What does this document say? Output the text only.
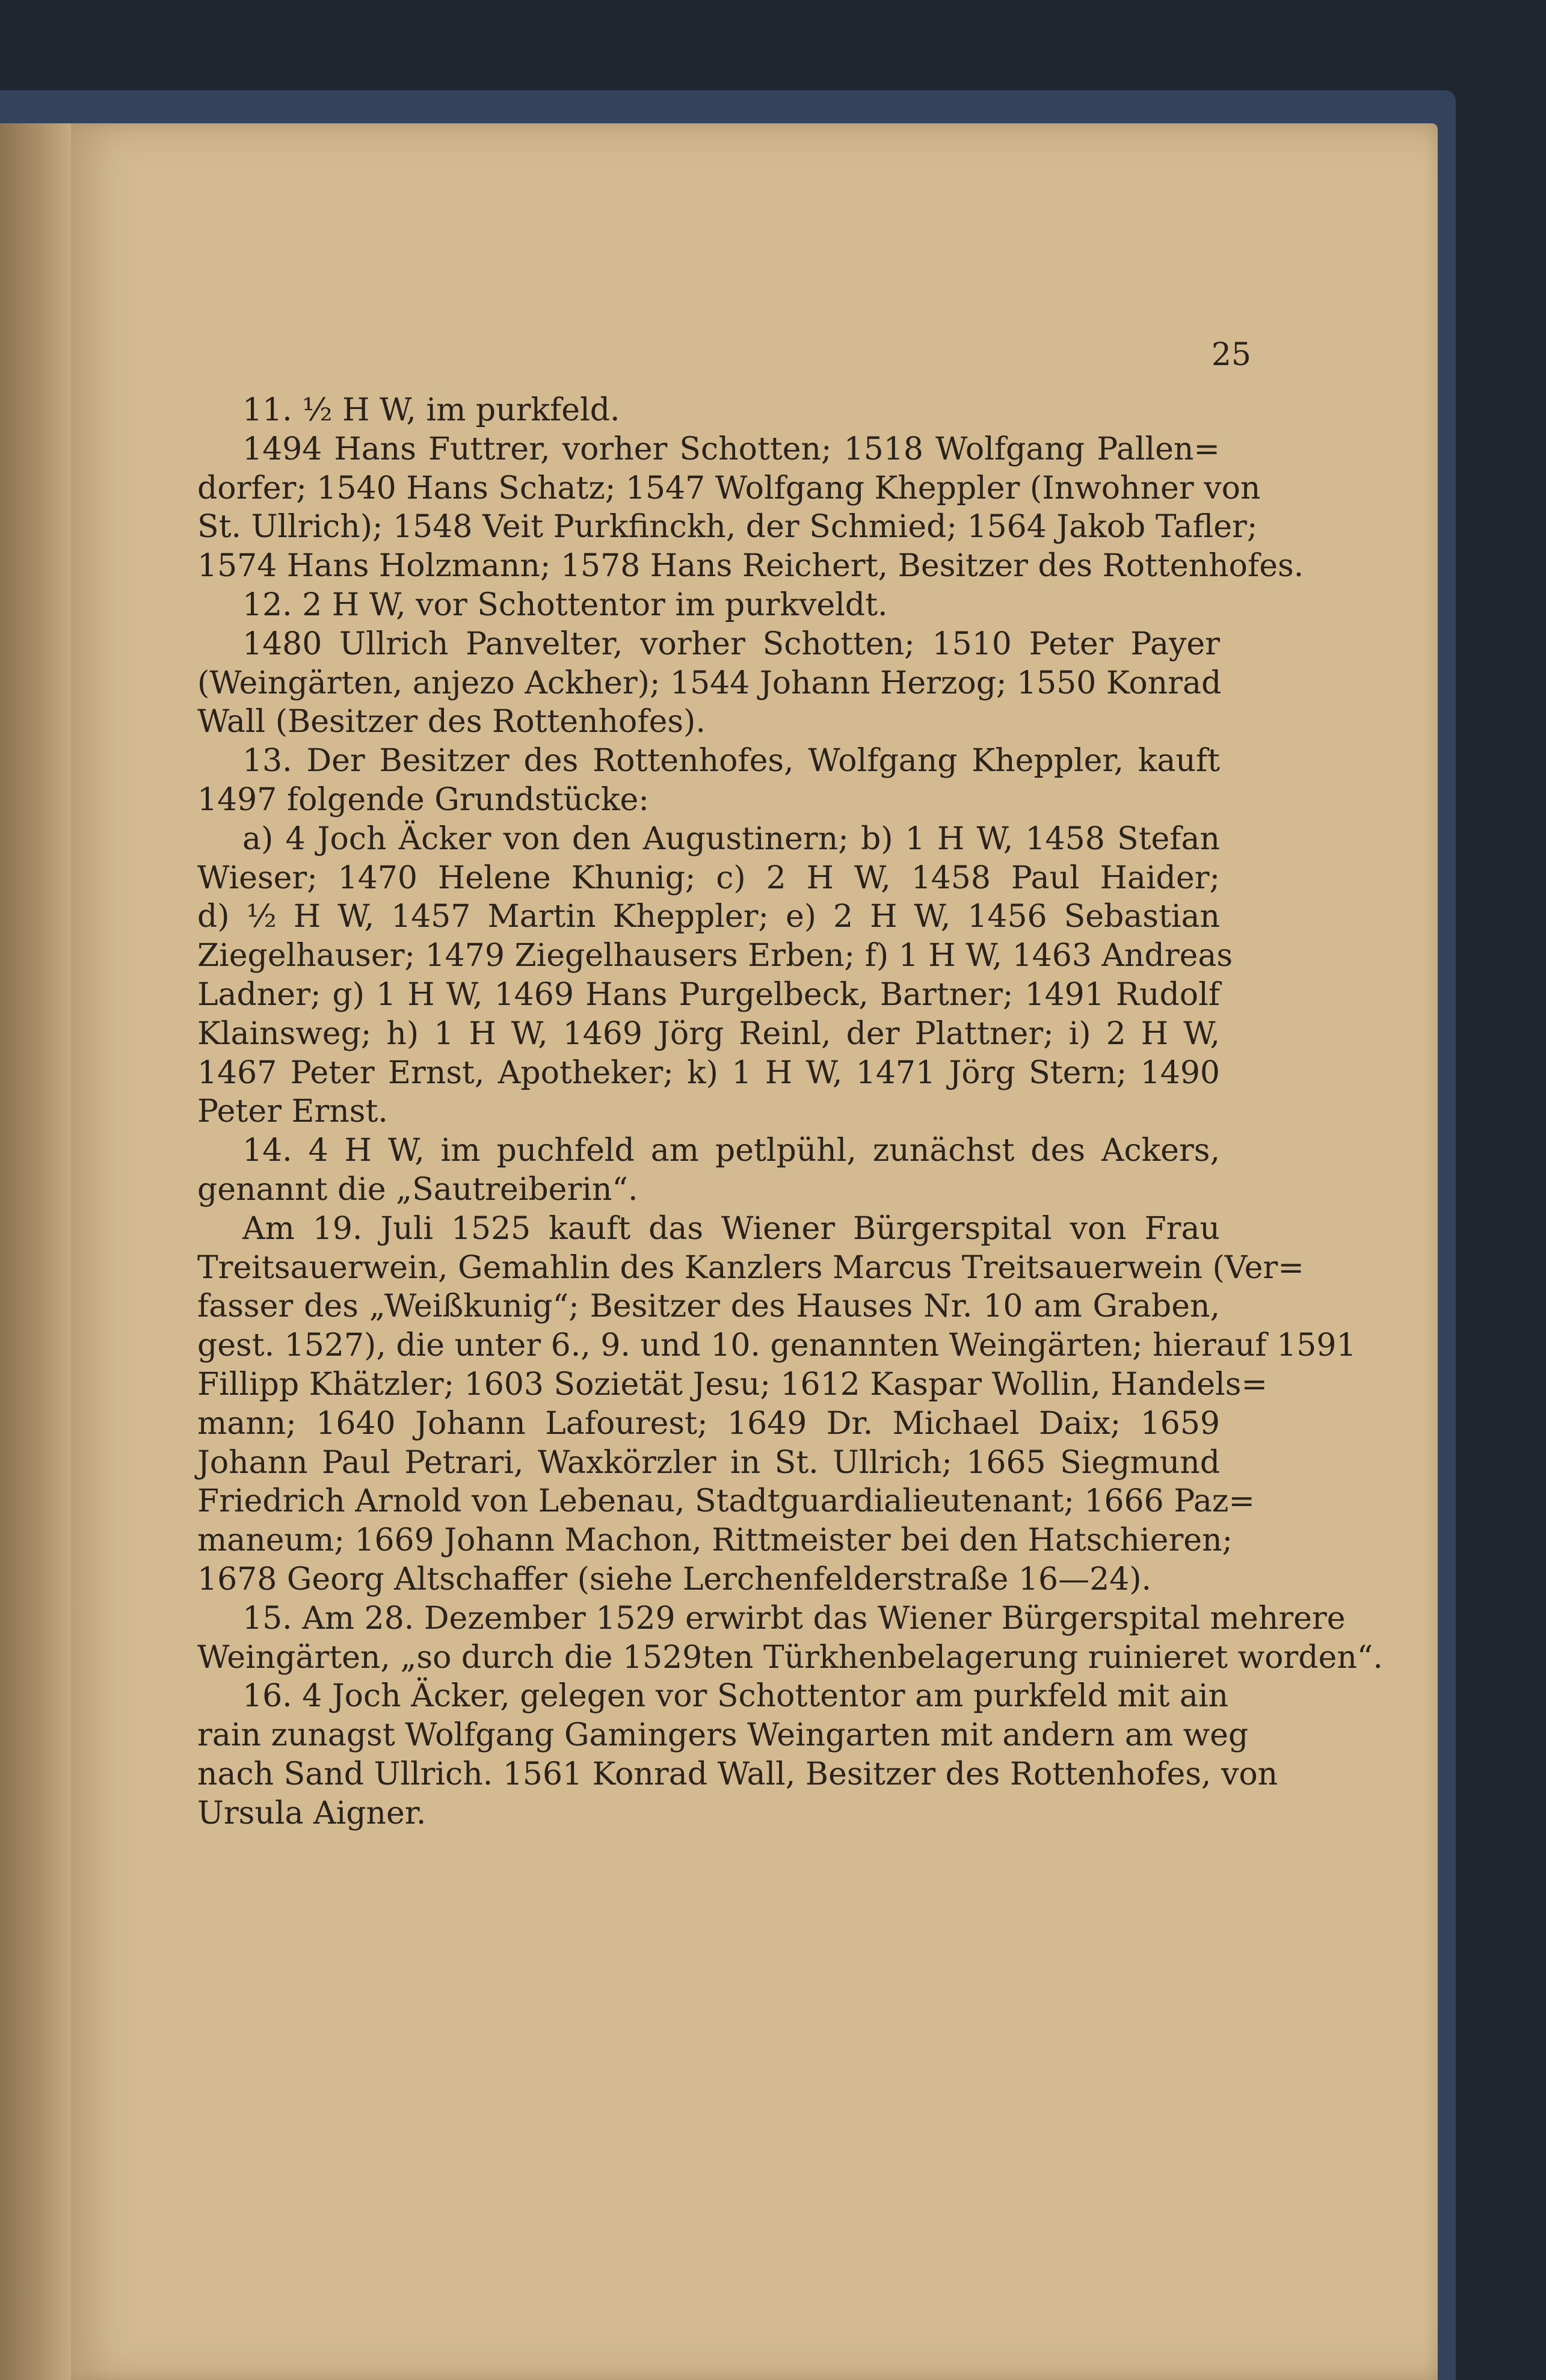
25
11. ½ H W, im purkfeld.
1494 Hans Futtrer, vorher Schotten; 1518 Wolfgang Pallen=
dorfer; 1540 Hans Schatz; 1547 Wolfgang Kheppler (Inwohner von
St. Ullrich); 1548 Veit Purkfinckh, der Schmied; 1564 Jakob Tafler;
1574 Hans Holzmann; 1578 Hans Reichert, Besitzer des Rottenhofes.
12. 2 H W, vor Schottentor im purkveldt.
1480 Ullrich Panvelter, vorher Schotten; 1510 Peter Payer
(Weingärten, anjezo Ackher); 1544 Johann Herzog; 1550 Konrad
Wall (Besitzer des Rottenhofes).
13. Der Besitzer des Rottenhofes, Wolfgang Kheppler, kauft
1497 folgende Grundstücke:
a) 4 Joch Äcker von den Augustinern; b) 1 H W, 1458 Stefan
Wieser; 1470 Helene Khunig; c) 2 H W, 1458 Paul Haider;
d) ½ H W, 1457 Martin Kheppler; e) 2 H W, 1456 Sebastian
Ziegelhauser; 1479 Ziegelhausers Erben; f) 1 H W, 1463 Andreas
Ladner; g) 1 H W, 1469 Hans Purgelbeck, Bartner; 1491 Rudolf
Klainsweg; h) 1 H W, 1469 Jörg Reinl, der Plattner; i) 2 H W,
1467 Peter Ernst, Apotheker; k) 1 H W, 1471 Jörg Stern; 1490
Peter Ernst.
14. 4 H W, im puchfeld am petlpühl, zunächst des Ackers,
genannt die „Sautreiberin“.
Am 19. Juli 1525 kauft das Wiener Bürgerspital von Frau
Treitsauerwein, Gemahlin des Kanzlers Marcus Treitsauerwein (Ver=
fasser des „Weißkunig“; Besitzer des Hauses Nr. 10 am Graben,
gest. 1527), die unter 6., 9. und 10. genannten Weingärten; hierauf 1591
Fillipp Khätzler; 1603 Sozietät Jesu; 1612 Kaspar Wollin, Handels=
mann; 1640 Johann Lafourest; 1649 Dr. Michael Daix; 1659
Johann Paul Petrari, Waxkörzler in St. Ullrich; 1665 Siegmund
Friedrich Arnold von Lebenau, Stadtguardialieutenant; 1666 Paz=
maneum; 1669 Johann Machon, Rittmeister bei den Hatschieren;
1678 Georg Altschaffer (siehe Lerchenfelderstraße 16—24).
15. Am 28. Dezember 1529 erwirbt das Wiener Bürgerspital mehrere
Weingärten, „so durch die 1529ten Türkhenbelagerung ruinieret worden“.
16. 4 Joch Äcker, gelegen vor Schottentor am purkfeld mit ain
rain zunagst Wolfgang Gamingers Weingarten mit andern am weg
nach Sand Ullrich. 1561 Konrad Wall, Besitzer des Rottenhofes, von
Ursula Aigner.
